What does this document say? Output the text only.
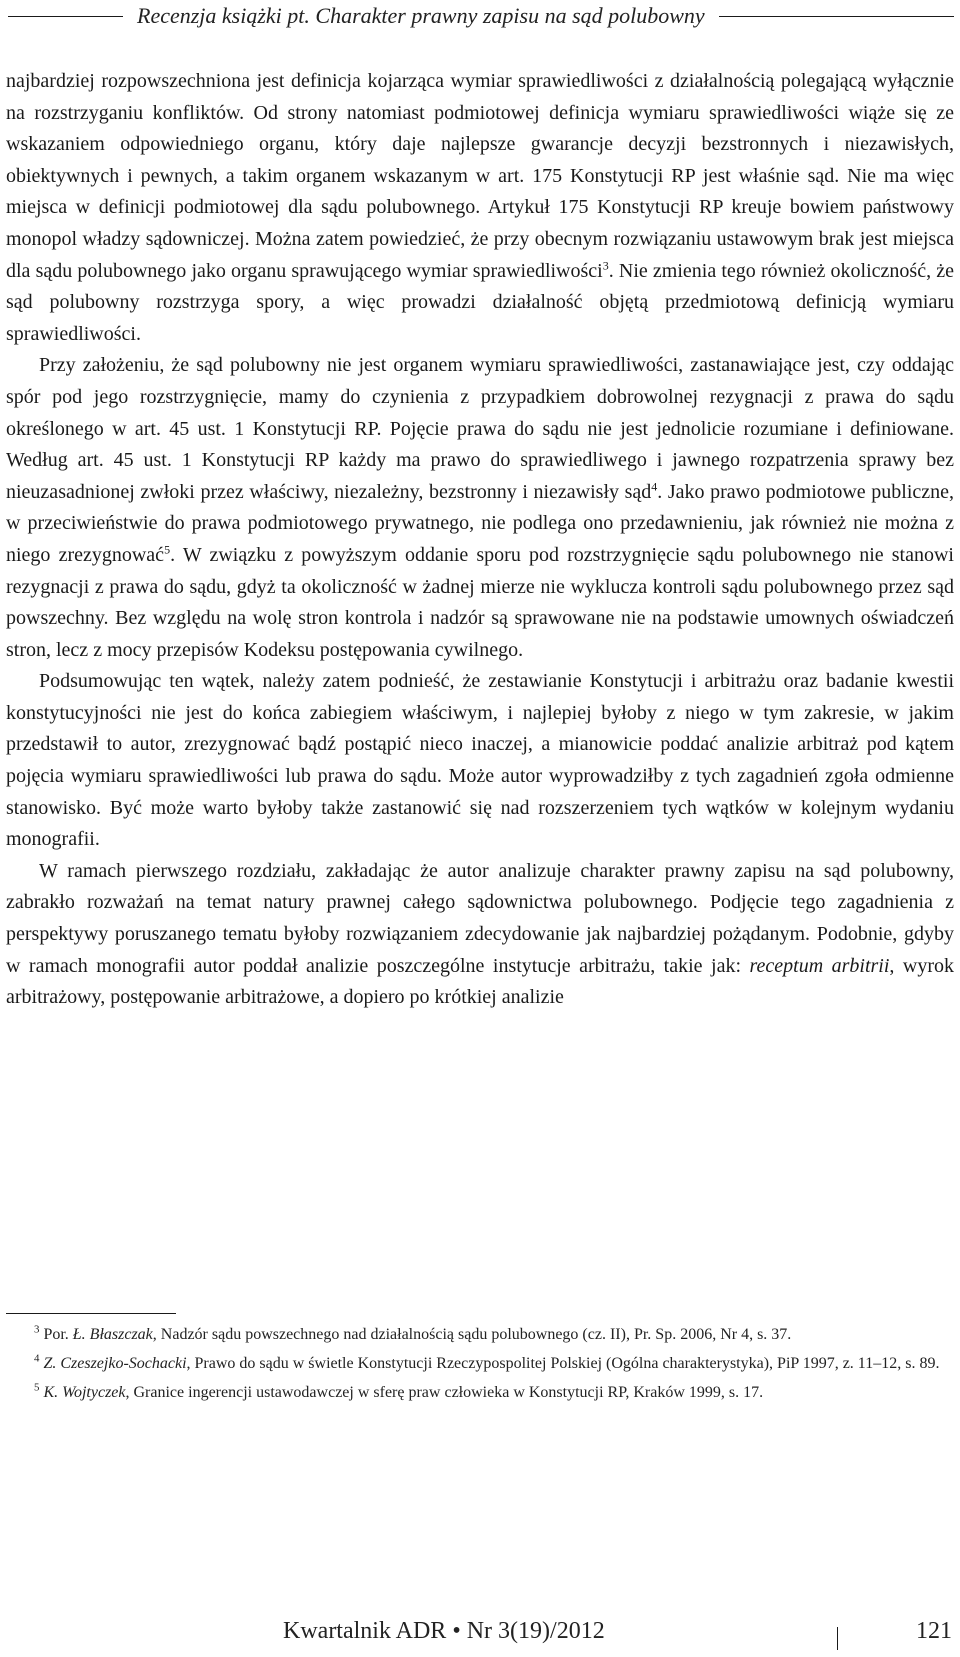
Recenzja książki pt. Charakter prawny zapisu na sąd polubowny

najbardziej rozpowszechniona jest definicja kojarząca wymiar sprawiedliwości z działalnością polegającą wyłącznie na rozstrzyganiu konfliktów. Od strony natomiast podmiotowej definicja wymiaru sprawiedliwości wiąże się ze wskazaniem odpowiedniego organu, który daje najlepsze gwarancje decyzji bezstronnych i niezawisłych, obiektywnych i pewnych, a takim organem wskazanym w art. 175 Konstytucji RP jest właśnie sąd. Nie ma więc miejsca w definicji podmiotowej dla sądu polubownego. Artykuł 175 Konstytucji RP kreuje bowiem państwowy monopol władzy sądowniczej. Można zatem powiedzieć, że przy obecnym rozwiązaniu ustawowym brak jest miejsca dla sądu polubownego jako organu sprawującego wymiar sprawiedliwości$^3$. Nie zmienia tego również okoliczność, że sąd polubowny rozstrzyga spory, a więc prowadzi działalność objętą przedmiotową definicją wymiaru sprawiedliwości.

Przy założeniu, że sąd polubowny nie jest organem wymiaru sprawiedliwości, zastanawiające jest, czy oddając spór pod jego rozstrzygnięcie, mamy do czynienia z przypadkiem dobrowolnej rezygnacji z prawa do sądu określonego w art. 45 ust. 1 Konstytucji RP. Pojęcie prawa do sądu nie jest jednolicie rozumiane i definiowane. Według art. 45 ust. 1 Konstytucji RP każdy ma prawo do sprawiedliwego i jawnego rozpatrzenia sprawy bez nieuzasadnionej zwłoki przez właściwy, niezależny, bezstronny i niezawisły sąd$^4$. Jako prawo podmiotowe publiczne, w przeciwieństwie do prawa podmiotowego prywatnego, nie podlega ono przedawnieniu, jak również nie można z niego zrezygnować$^5$. W związku z powyższym oddanie sporu pod rozstrzygnięcie sądu polubownego nie stanowi rezygnacji z prawa do sądu, gdyż ta okoliczność w żadnej mierze nie wyklucza kontroli sądu polubownego przez sąd powszechny. Bez względu na wolę stron kontrola i nadzór są sprawowane nie na podstawie umownych oświadczeń stron, lecz z mocy przepisów Kodeksu postępowania cywilnego.

Podsumowując ten wątek, należy zatem podnieść, że zestawianie Konstytucji i arbitrażu oraz badanie kwestii konstytucyjności nie jest do końca zabiegiem właściwym, i najlepiej byłoby z niego w tym zakresie, w jakim przedstawił to autor, zrezygnować bądź postąpić nieco inaczej, a mianowicie poddać analizie arbitraż pod kątem pojęcia wymiaru sprawiedliwości lub prawa do sądu. Może autor wyprowadziłby z tych zagadnień zgoła odmienne stanowisko. Być może warto byłoby także zastanowić się nad rozszerzeniem tych wątków w kolejnym wydaniu monografii.

W ramach pierwszego rozdziału, zakładając że autor analizuje charakter prawny zapisu na sąd polubowny, zabrakło rozważań na temat natury prawnej całego sądownictwa polubownego. Podjęcie tego zagadnienia z perspektywy poruszanego tematu byłoby rozwiązaniem zdecydowanie jak najbardziej pożądanym. Podobnie, gdyby w ramach monografii autor poddał analizie poszczególne instytucje arbitrażu, takie jak: receptum arbitrii, wyrok arbitrażowy, postępowanie arbitrażowe, a dopiero po krótkiej analizie

$^3$ Por. Ł. Błaszczak, Nadzór sądu powszechnego nad działalnością sądu polubownego (cz. II), Pr. Sp. 2006, Nr 4, s. 37.

$^4$ Z. Czeszejko-Sochacki, Prawo do sądu w świetle Konstytucji Rzeczypospolitej Polskiej (Ogólna charakterystyka), PiP 1997, z. 11–12, s. 89.

$^5$ K. Wojtyczek, Granice ingerencji ustawodawczej w sferę praw człowieka w Konstytucji RP, Kraków 1999, s. 17.

Kwartalnik ADR • Nr 3(19)/2012	121
